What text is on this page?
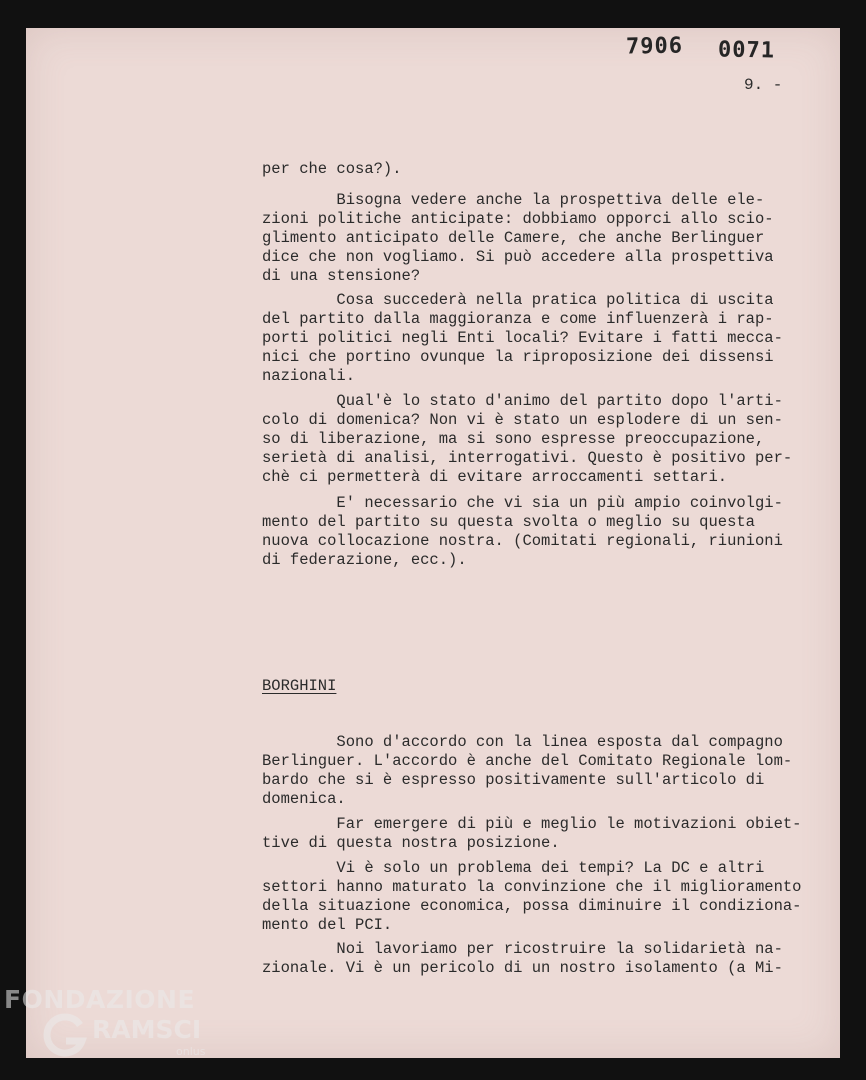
7906 0071
9. -
per che cosa?).
Bisogna vedere anche la prospettiva delle ele-
zioni politiche anticipate: dobbiamo opporci allo scio-
glimento anticipato delle Camere, che anche Berlinguer
dice che non vogliamo. Si può accedere alla prospettiva
di una stensione?
Cosa succederà nella pratica politica di uscita
del partito dalla maggioranza e come influenzerà i rap-
porti politici negli Enti locali? Evitare i fatti mecca-
nici che portino ovunque la riproposizione dei dissensi
nazionali.
Qual'è lo stato d'animo del partito dopo l'arti-
colo di domenica? Non vi è stato un esplodere di un sen-
so di liberazione, ma si sono espresse preoccupazione,
serietà di analisi, interrogativi. Questo è positivo per-
chè ci permetterà di evitare arroccamenti settari.
E' necessario che vi sia un più ampio coinvolgi-
mento del partito su questa svolta o meglio su questa
nuova collocazione nostra. (Comitati regionali, riunioni
di federazione, ecc.).
BORGHINI
Sono d'accordo con la linea esposta dal compagno
Berlinguer. L'accordo è anche del Comitato Regionale lom-
bardo che si è espresso positivamente sull'articolo di
domenica.
Far emergere di più e meglio le motivazioni obiet-
tive di questa nostra posizione.
Vi è solo un problema dei tempi? La DC e altri
settori hanno maturato la convinzione che il miglioramento
della situazione economica, possa diminuire il condiziona-
mento del PCI.
Noi lavoriamo per ricostruire la solidarietà na-
zionale. Vi è un pericolo di un nostro isolamento (a Mi-
FONDAZIONE
RAMSCI
onlus
